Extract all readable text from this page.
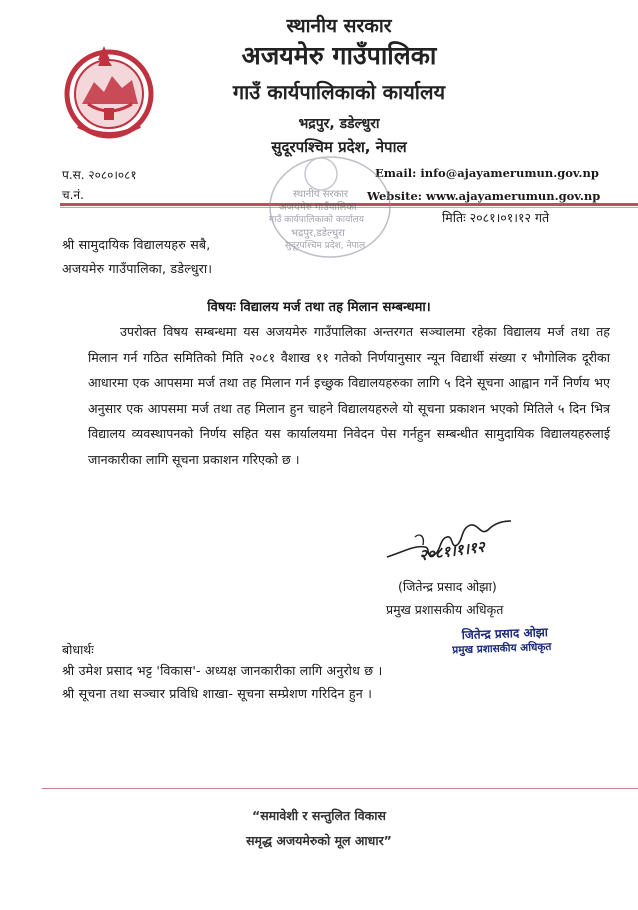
स्थानीय सरकार
अजयमेरु गाउँपालिका
गाउँ कार्यपालिकाको कार्यालय
भद्रपुर, डडेल्धुरा
सुदूरपश्चिम प्रदेश, नेपाल
प.स. २०८०।०८१
च.नं.
Email: info@ajayamerumun.gov.np
Website: www.ajayamerumun.gov.np
स्थानीय सरकार
अजयमेरु गाउँपालिका
गाउँ कार्यपालिकाको कार्यालय
भद्रपुर,डडेल्धुरा
सुदूरपश्चिम प्रदेश, नेपाल
मितिः २०८१।०१।१२ गते
श्री सामुदायिक विद्यालयहरु सबै,
अजयमेरु गाउँपालिका, डडेल्धुरा।
विषयः विद्यालय मर्ज तथा तह मिलान सम्बन्धमा।
उपरोक्त विषय सम्बन्धमा यस अजयमेरु गाउँपालिका अन्तरगत सञ्चालमा रहेका विद्यालय मर्ज तथा तह मिलान गर्न गठित समितिको मिति २०८१ वैशाख ११ गतेको निर्णयानुसार न्यून विद्यार्थी संख्या र भौगोलिक दूरीका आधारमा एक आपसमा मर्ज तथा तह मिलान गर्न इच्छुक विद्यालयहरुका लागि ५ दिने सूचना आह्वान गर्ने निर्णय भए अनुसार एक आपसमा मर्ज तथा तह मिलान हुन चाहने विद्यालयहरुले यो सूचना प्रकाशन भएको मितिले ५ दिन भित्र विद्यालय व्यवस्थापनको निर्णय सहित यस कार्यालयमा निवेदन पेस गर्नहुन सम्बन्धीत सामुदायिक विद्यालयहरुलाई जानकारीका लागि सूचना प्रकाशन गरिएको छ ।
२०८१।१।१२
(जितेन्द्र प्रसाद ओझा)
प्रमुख प्रशासकीय अधिकृत
जितेन्द्र प्रसाद ओझा
प्रमुख प्रशासकीय अधिकृत
बोधार्थः
श्री उमेश प्रसाद भट्ट 'विकास'- अध्यक्ष जानकारीका लागि अनुरोध छ ।
श्री सूचना तथा सञ्चार प्रविधि शाखा- सूचना सम्प्रेशण गरिदिन हुन ।
“समावेशी र सन्तुलित विकास
समृद्ध अजयमेरुको मूल आधार”
